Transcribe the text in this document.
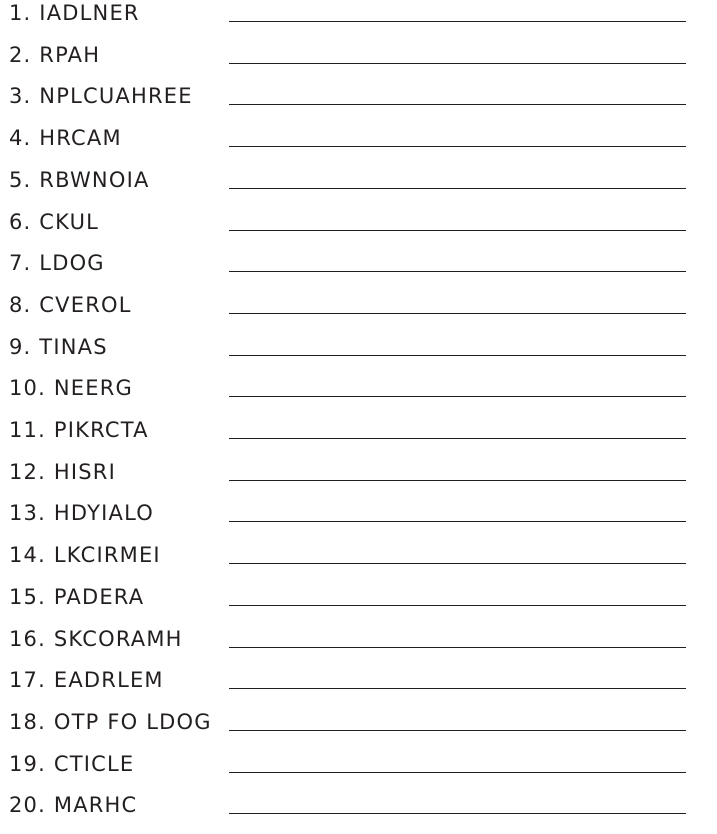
1. IADLNER
2. RPAH
3. NPLCUAHREE
4. HRCAM
5. RBWNOIA
6. CKUL
7. LDOG
8. CVEROL
9. TINAS
10. NEERG
11. PIKRCTA
12. HISRI
13. HDYIALO
14. LKCIRMEI
15. PADERA
16. SKCORAMH
17. EADRLEM
18. OTP FO LDOG
19. CTICLE
20. MARHC
